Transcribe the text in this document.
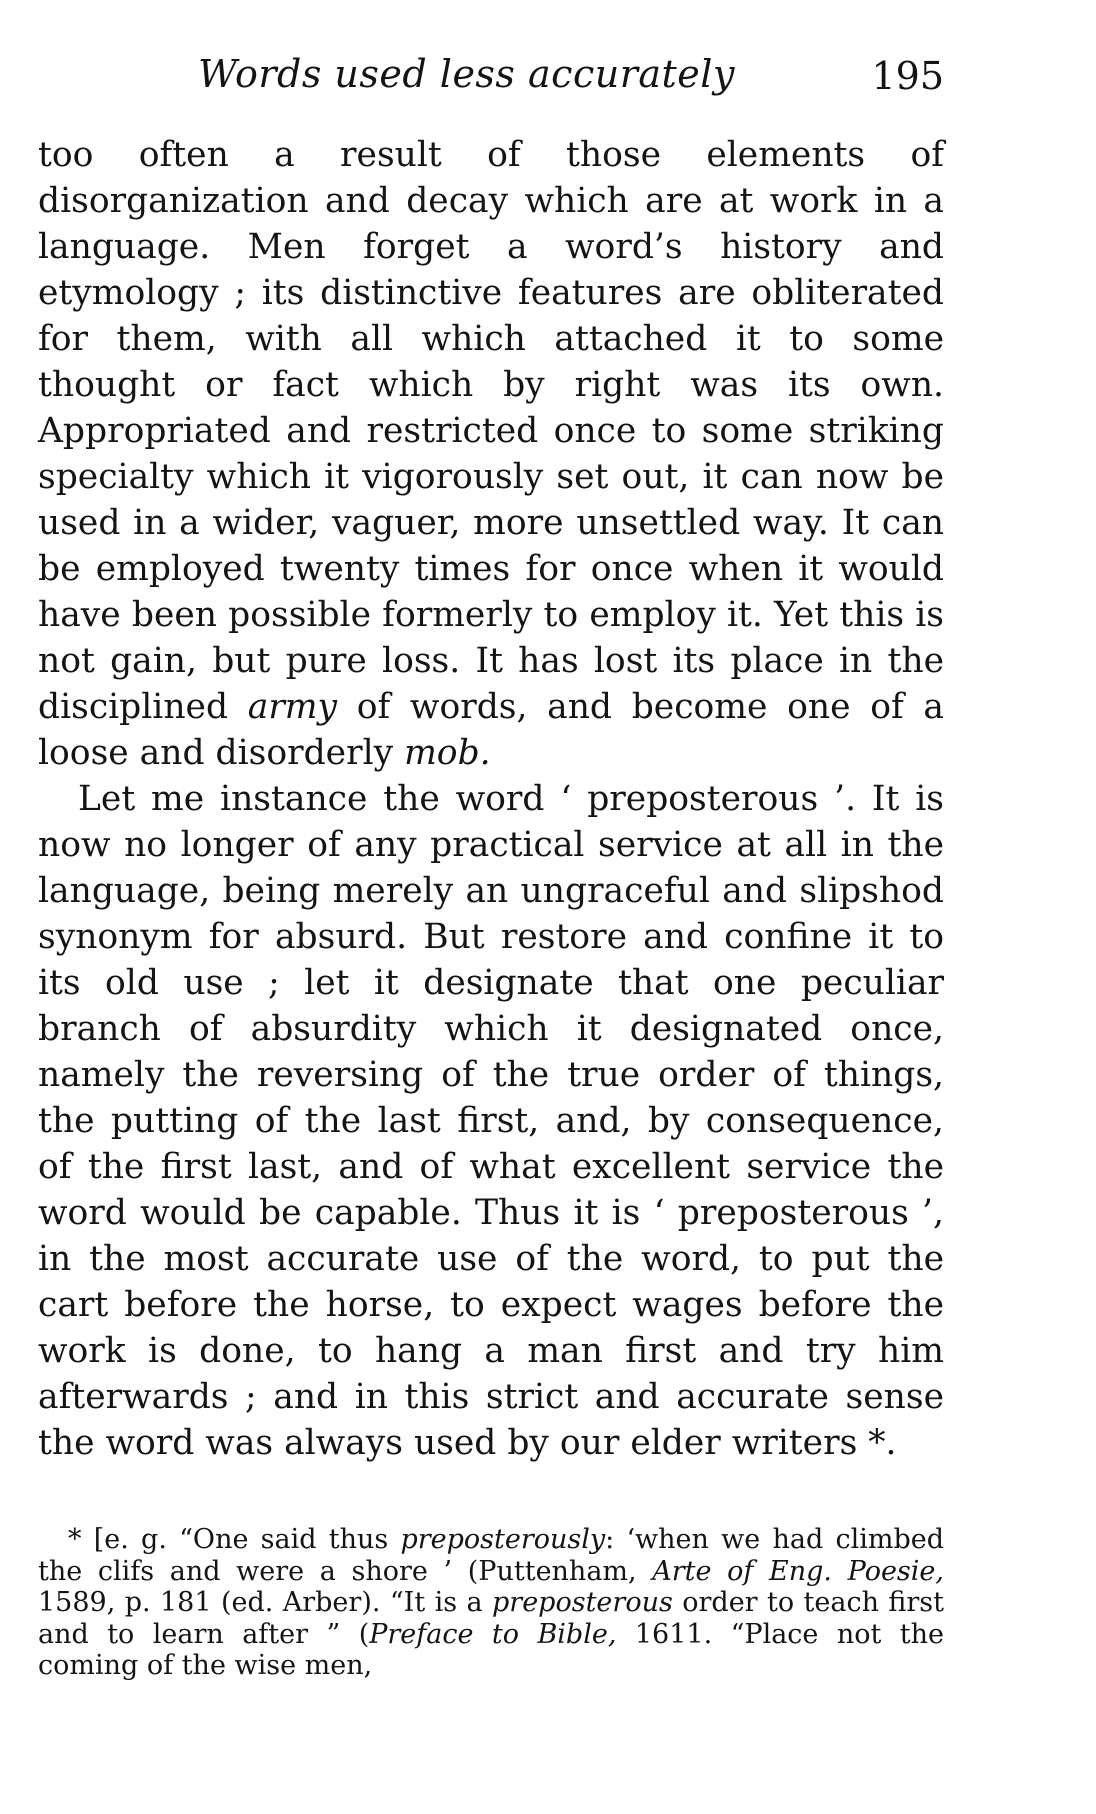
Words used less accurately	195

too often a result of those elements of disorganization and decay which are at work in a language. Men forget a word’s history and etymology ; its distinctive features are obliterated for them, with all which attached it to some thought or fact which by right was its own. Appropriated and restricted once to some striking specialty which it vigorously set out, it can now be used in a wider, vaguer, more unsettled way. It can be employed twenty times for once when it would have been possible formerly to employ it. Yet this is not gain, but pure loss. It has lost its place in the disciplined army of words, and become one of a loose and disorderly mob.

Let me instance the word ‘ preposterous ’. It is now no longer of any practical service at all in the language, being merely an ungraceful and slipshod synonym for absurd. But restore and confine it to its old use ; let it designate that one peculiar branch of absurdity which it designated once, namely the reversing of the true order of things, the putting of the last first, and, by consequence, of the first last, and of what excellent service the word would be capable. Thus it is ‘ preposterous ’, in the most accurate use of the word, to put the cart before the horse, to expect wages before the work is done, to hang a man first and try him afterwards ; and in this strict and accurate sense the word was always used by our elder writers *.

* [e. g. “One said thus preposterously: ‘when we had climbed the clifs and were a shore ’ (Puttenham, Arte of Eng. Poesie, 1589, p. 181 (ed. Arber). “It is a preposterous order to teach first and to learn after ” (Preface to Bible, 1611. “Place not the coming of the wise men,
